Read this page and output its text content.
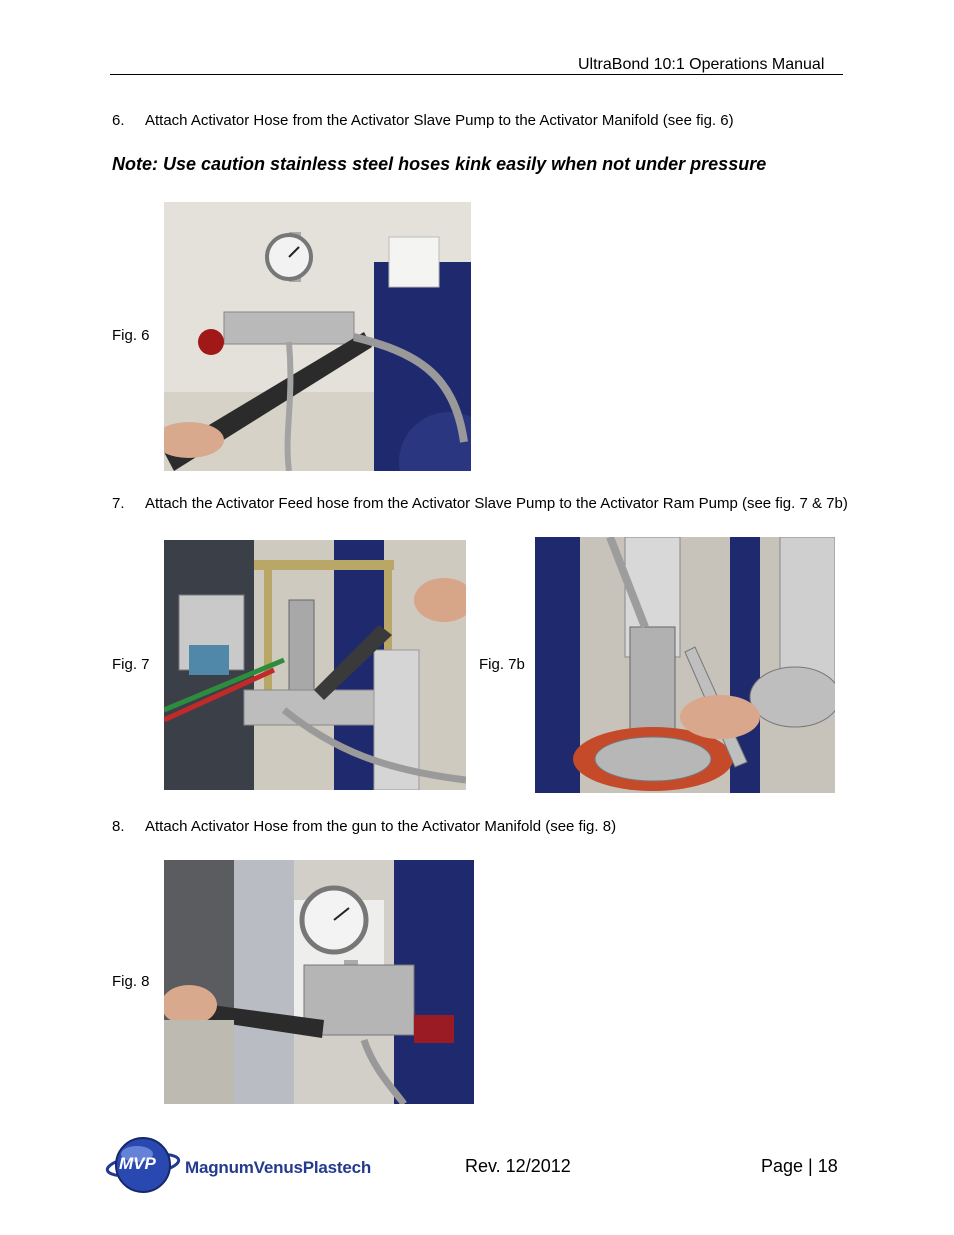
UltraBond 10:1 Operations Manual
6. Attach Activator Hose from the Activator Slave Pump to the Activator Manifold (see fig. 6)
Note: Use caution stainless steel hoses kink easily when not under pressure
Fig. 6
7. Attach the Activator Feed hose from the Activator Slave Pump to the Activator Ram Pump (see fig. 7 & 7b)
Fig. 7	Fig. 7b
8. Attach Activator Hose from the gun to the Activator Manifold (see fig. 8)
Fig. 8
MVP MagnumVenusPlastech	Rev. 12/2012	Page | 18
